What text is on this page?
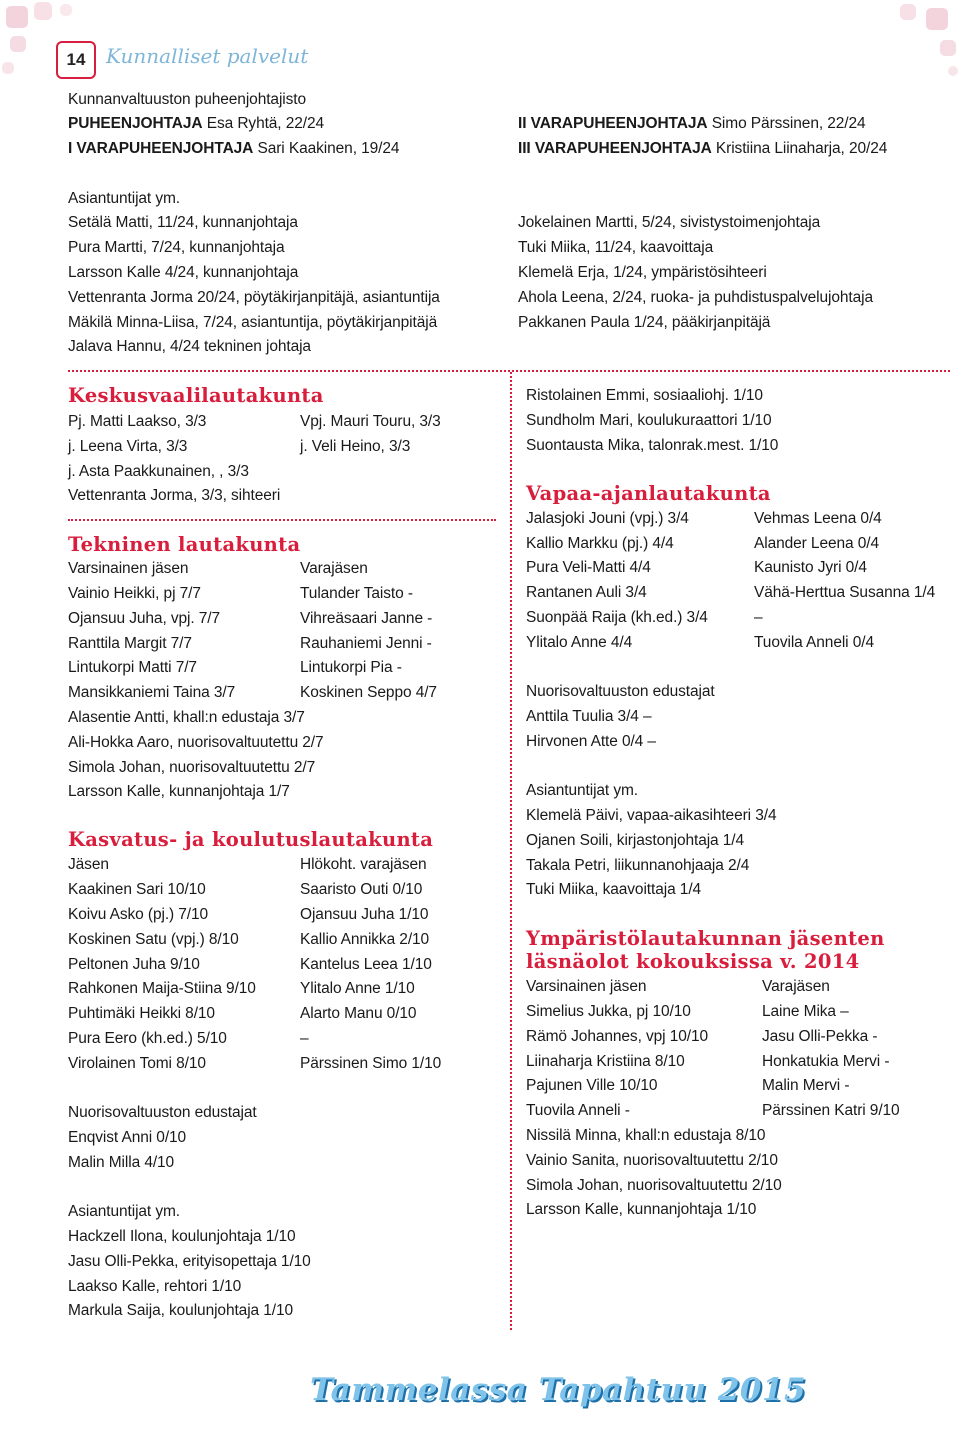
14	Kunnalliset palvelut
Kunnanvaltuuston puheenjohtajisto
PUHEENJOHTAJA Esa Ryhtä, 22/24
I VARAPUHEENJOHTAJA Sari Kaakinen, 19/24
II VARAPUHEENJOHTAJA Simo Pärssinen, 22/24
III VARAPUHEENJOHTAJA Kristiina Liinaharja, 20/24
Asiantuntijat ym.
Setälä Matti, 11/24, kunnanjohtaja
Pura Martti, 7/24, kunnanjohtaja
Larsson Kalle 4/24, kunnanjohtaja
Vettenranta Jorma 20/24, pöytäkirjanpitäjä, asiantuntija
Mäkilä Minna-Liisa, 7/24, asiantuntija, pöytäkirjanpitäjä
Jalava Hannu, 4/24 tekninen johtaja
Jokelainen Martti, 5/24, sivistystoimenjohtaja
Tuki Miika, 11/24, kaavoittaja
Klemelä Erja, 1/24, ympäristösihteeri
Ahola Leena, 2/24, ruoka- ja puhdistuspalvelujohtaja
Pakkanen Paula 1/24, pääkirjanpitäjä
Keskusvaalilautakunta
Pj. Matti Laakso, 3/3	Vpj. Mauri Touru, 3/3
j. Leena Virta, 3/3	j. Veli Heino, 3/3
j. Asta Paakkunainen, , 3/3
Vettenranta Jorma, 3/3, sihteeri
Tekninen lautakunta
Varsinainen jäsen	Varajäsen
Vainio Heikki, pj 7/7	Tulander Taisto -
Ojansuu Juha, vpj. 7/7	Vihreäsaari Janne -
Ranttila Margit 7/7	Rauhaniemi Jenni -
Lintukorpi Matti 7/7	Lintukorpi Pia -
Mansikkaniemi Taina 3/7	Koskinen Seppo 4/7
Alasentie Antti, khall:n edustaja 3/7
Ali-Hokka Aaro, nuorisovaltuutettu 2/7
Simola Johan, nuorisovaltuutettu 2/7
Larsson Kalle, kunnanjohtaja 1/7
Kasvatus- ja koulutuslautakunta
Jäsen	Hlökoht. varajäsen
Kaakinen Sari 10/10	Saaristo Outi 0/10
Koivu Asko (pj.) 7/10	Ojansuu Juha 1/10
Koskinen Satu (vpj.) 8/10	Kallio Annikka 2/10
Peltonen Juha 9/10	Kantelus Leea 1/10
Rahkonen Maija-Stiina 9/10	Ylitalo Anne 1/10
Puhtimäki Heikki 8/10	Alarto Manu 0/10
Pura Eero (kh.ed.) 5/10	–
Virolainen Tomi 8/10	Pärssinen Simo 1/10
Nuorisovaltuuston edustajat
Enqvist Anni 0/10
Malin Milla 4/10
Asiantuntijat ym.
Hackzell Ilona, koulunjohtaja 1/10
Jasu Olli-Pekka, erityisopettaja 1/10
Laakso Kalle, rehtori 1/10
Markula Saija, koulunjohtaja 1/10
Ristolainen Emmi, sosiaaliohj. 1/10
Sundholm Mari, koulukuraattori 1/10
Suontausta Mika, talonrak.mest. 1/10
Vapaa-ajanlautakunta
Jalasjoki Jouni (vpj.) 3/4	Vehmas Leena 0/4
Kallio Markku (pj.) 4/4	Alander Leena 0/4
Pura Veli-Matti 4/4	Kaunisto Jyri 0/4
Rantanen Auli 3/4	Vähä-Herttua Susanna 1/4
Suonpää Raija (kh.ed.) 3/4	–
Ylitalo Anne 4/4	Tuovila Anneli 0/4
Nuorisovaltuuston edustajat
Anttila Tuulia 3/4 –
Hirvonen Atte 0/4 –
Asiantuntijat ym.
Klemelä Päivi, vapaa-aikasihteeri 3/4
Ojanen Soili, kirjastonjohtaja 1/4
Takala Petri, liikunnanohjaaja 2/4
Tuki Miika, kaavoittaja 1/4
Ympäristölautakunnan jäsenten
läsnäolot kokouksissa v. 2014
Varsinainen jäsen	Varajäsen
Simelius Jukka, pj 10/10	Laine Mika –
Rämö Johannes, vpj 10/10	Jasu Olli-Pekka -
Liinaharja Kristiina 8/10	Honkatukia Mervi -
Pajunen Ville 10/10	Malin Mervi -
Tuovila Anneli -	Pärssinen Katri 9/10
Nissilä Minna, khall:n edustaja 8/10
Vainio Sanita, nuorisovaltuutettu 2/10
Simola Johan, nuorisovaltuutettu 2/10
Larsson Kalle, kunnanjohtaja 1/10
Tammelassa Tapahtuu 2015
